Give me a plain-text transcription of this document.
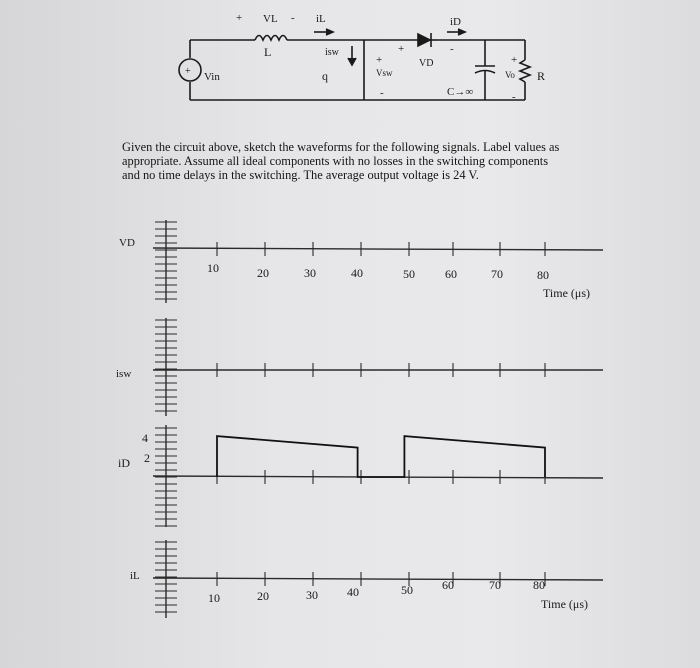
+ VL - iL
L
+ Vin
isw
q
+
Vsw
-
+	-
iD
VD
C→∞
+
Vo
-
R
VD
isw
iD
iL
4
2
10	20	30	40	50	60	70	80
Time (μs)
10	20	30 40	50 60	70	80
Time (μs)
Given the circuit above, sketch the waveforms for the following signals. Label values as
appropriate. Assume all ideal components with no losses in the switching components
and no time delays in the switching. The average output voltage is 24 V.
